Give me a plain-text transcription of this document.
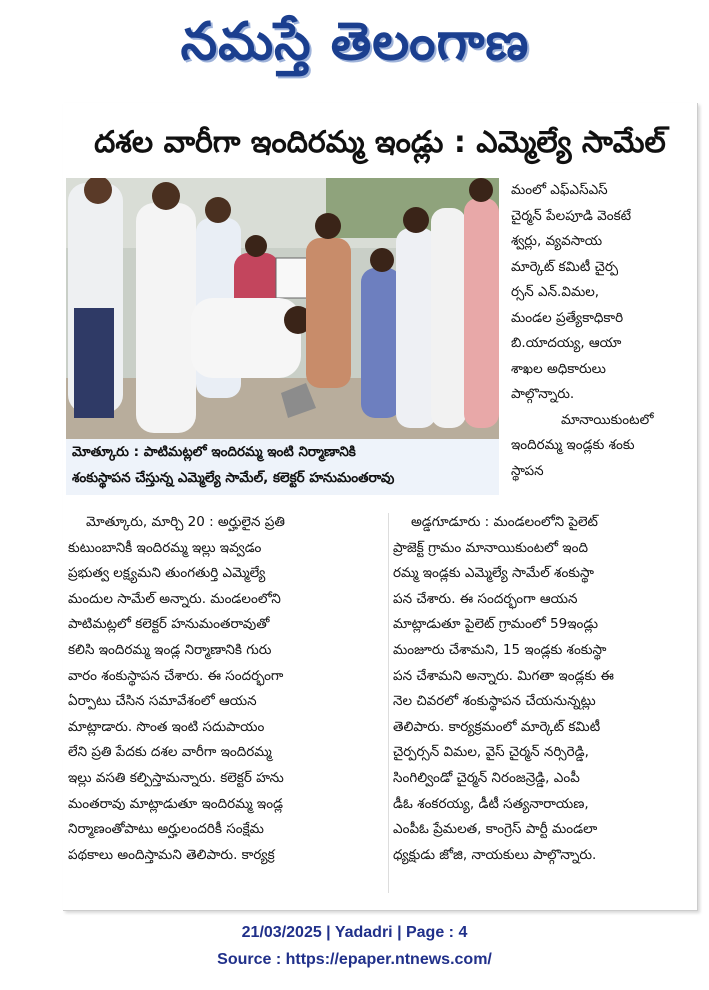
నమస్తే తెలంగాణ
దశల వారీగా ఇందిరమ్మ ఇండ్లు : ఎమ్మెల్యే సామేల్

మోత్కూరు : పాటిమట్లలో ఇందిరమ్మ ఇంటి నిర్మాణానికి

శంకుస్థాపన చేస్తున్న ఎమ్మెల్యే సామేల్, కలెక్టర్ హనుమంతరావు

మంలో ఎఫ్ఎస్ఎస్

చైర్మన్ పేలపూడి వెంకటే

శ్వర్లు, వ్యవసాయ

మార్కెట్ కమిటీ చైర్ప

ర్సన్ ఎన్.విమల,

మండల ప్రత్యేకాధికారి

బి.యాదయ్య, ఆయా

శాఖల అధికారులు

పాల్గొన్నారు.

మానాయికుంటలో

ఇందిరమ్మ ఇండ్లకు శంకు

స్థాపన

మోత్కూరు, మార్చి 20 : అర్హులైన ప్రతి

కుటుంబానికీ ఇందిరమ్మ ఇల్లు ఇవ్వడం

ప్రభుత్వ లక్ష్యమని తుంగతుర్తి ఎమ్మెల్యే

మందుల సామేల్ అన్నారు. మండలంలోని

పాటిమట్లలో కలెక్టర్ హనుమంతరావుతో

కలిసి ఇందిరమ్మ ఇండ్ల నిర్మాణానికి గురు

వారం శంకుస్థాపన చేశారు. ఈ సందర్భంగా

ఏర్పాటు చేసిన సమావేశంలో ఆయన

మాట్లాడారు. సొంత ఇంటి సదుపాయం

లేని ప్రతి పేదకు దశల వారీగా ఇందిరమ్మ

ఇల్లు వసతి కల్పిస్తామన్నారు. కలెక్టర్ హను

మంతరావు మాట్లాడుతూ ఇందిరమ్మ ఇండ్ల

నిర్మాణంతోపాటు అర్హులందరికీ సంక్షేమ

పథకాలు అందిస్తామని తెలిపారు. కార్యక్ర

అడ్డగూడూరు : మండలంలోని పైలెట్

ప్రాజెక్ట్ గ్రామం మానాయికుంటలో ఇంది

రమ్మ ఇండ్లకు ఎమ్మెల్యే సామేల్ శంకుస్థా

పన చేశారు. ఈ సందర్భంగా ఆయన

మాట్లాడుతూ పైలెట్ గ్రామంలో 59ఇండ్లు

మంజూరు చేశామని, 15 ఇండ్లకు శంకుస్థా

పన చేశామని అన్నారు. మిగతా ఇండ్లకు ఈ

నెల చివరలో శంకుస్థాపన చేయనున్నట్లు

తెలిపారు. కార్యక్రమంలో మార్కెట్ కమిటీ

చైర్పర్సన్ విమల, వైస్ చైర్మన్ నర్సిరెడ్డి,

సింగిల్విండో చైర్మన్ నిరంజన్రెడ్డి, ఎంపీ

డీఓ శంకరయ్య, డీటీ సత్యనారాయణ,

ఎంపీఓ ప్రేమలత, కాంగ్రెస్ పార్టీ మండలా

ధ్యక్షుడు జోజి, నాయకులు పాల్గొన్నారు.

21/03/2025 | Yadadri | Page : 4
Source : https://epaper.ntnews.com/
